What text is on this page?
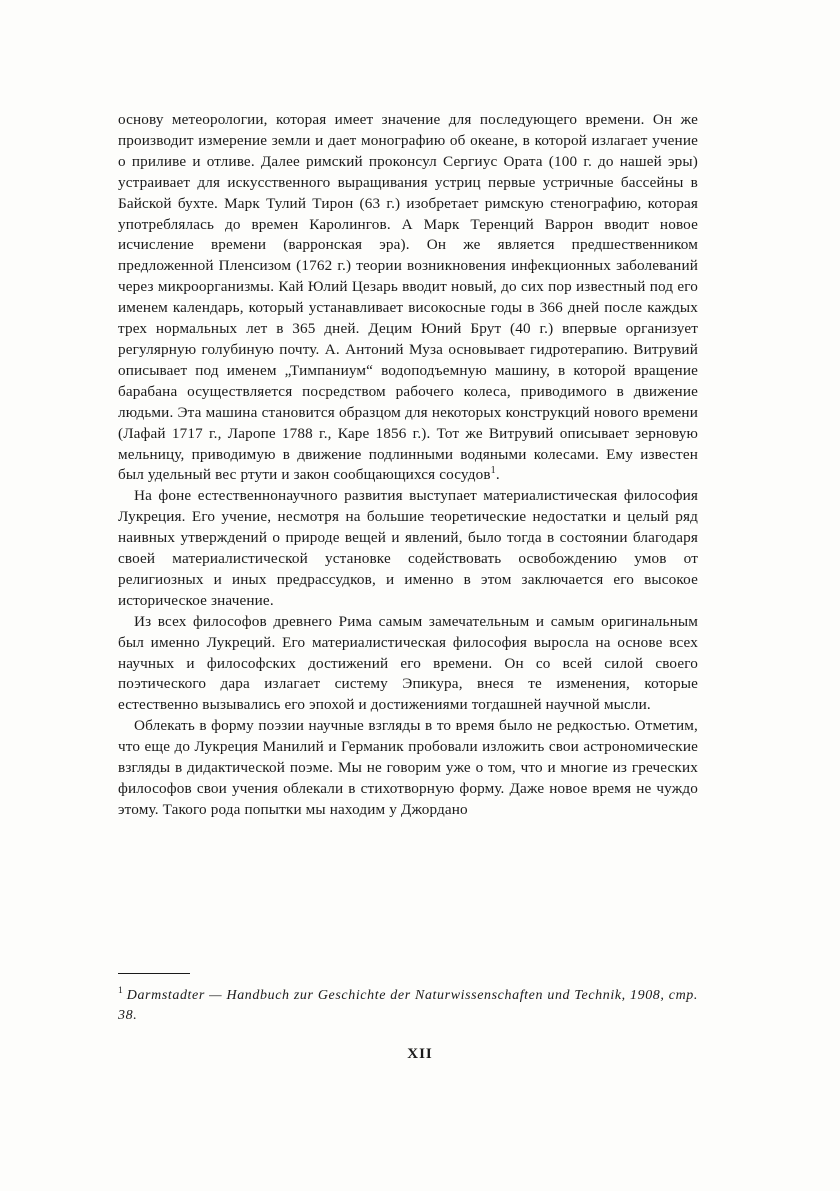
основу метеорологии, которая имеет значение для последующего времени. Он же производит измерение земли и дает монографию об океане, в которой излагает учение о приливе и отливе. Далее римский проконсул Сергиус Ората (100 г. до нашей эры) устраивает для искусственного выращивания устриц первые устричные бассейны в Байской бухте. Марк Тулий Тирон (63 г.) изобретает римскую стенографию, которая употреблялась до времен Каролингов. А Марк Теренций Варрон вводит новое исчисление времени (варронская эра). Он же является предшественником предложенной Пленсизом (1762 г.) теории возникновения инфекционных заболеваний через микроорганизмы. Кай Юлий Цезарь вводит новый, до сих пор известный под его именем календарь, который устанавливает високосные годы в 366 дней после каждых трех нормальных лет в 365 дней. Децим Юний Брут (40 г.) впервые организует регулярную голубиную почту. А. Антоний Муза основывает гидротерапию. Витрувий описывает под именем „Тимпаниум“ водоподъемную машину, в которой вращение барабана осуществляется посредством рабочего колеса, приводимого в движение людьми. Эта машина становится образцом для некоторых конструкций нового времени (Лафай 1717 г., Ларопе 1788 г., Каре 1856 г.). Тот же Витрувий описывает зерновую мельницу, приводимую в движение подлинными водяными колесами. Ему известен был удельный вес ртути и закон сообщающихся сосудов$^1$.

На фоне естественнонаучного развития выступает материалистическая философия Лукреция. Его учение, несмотря на большие теоретические недостатки и целый ряд наивных утверждений о природе вещей и явлений, было тогда в состоянии благодаря своей материалистической установке содействовать освобождению умов от религиозных и иных предрассудков, и именно в этом заключается его высокое историческое значение.

Из всех философов древнего Рима самым замечательным и самым оригинальным был именно Лукреций. Его материалистическая философия выросла на основе всех научных и философских достижений его времени. Он со всей силой своего поэтического дара излагает систему Эпикура, внеся те изменения, которые естественно вызывались его эпохой и достижениями тогдашней научной мысли.

Облекать в форму поэзии научные взгляды в то время было не редкостью. Отметим, что еще до Лукреция Манилий и Германик пробовали изложить свои астрономические взгляды в дидактической поэме. Мы не говорим уже о том, что и многие из греческих философов свои учения облекали в стихотворную форму. Даже новое время не чуждо этому. Такого рода попытки мы находим у Джордано

$^1$ Darmstadter — Handbuch zur Geschichte der Naturwissenschaften und Technik, 1908, стр. 38.
XII
